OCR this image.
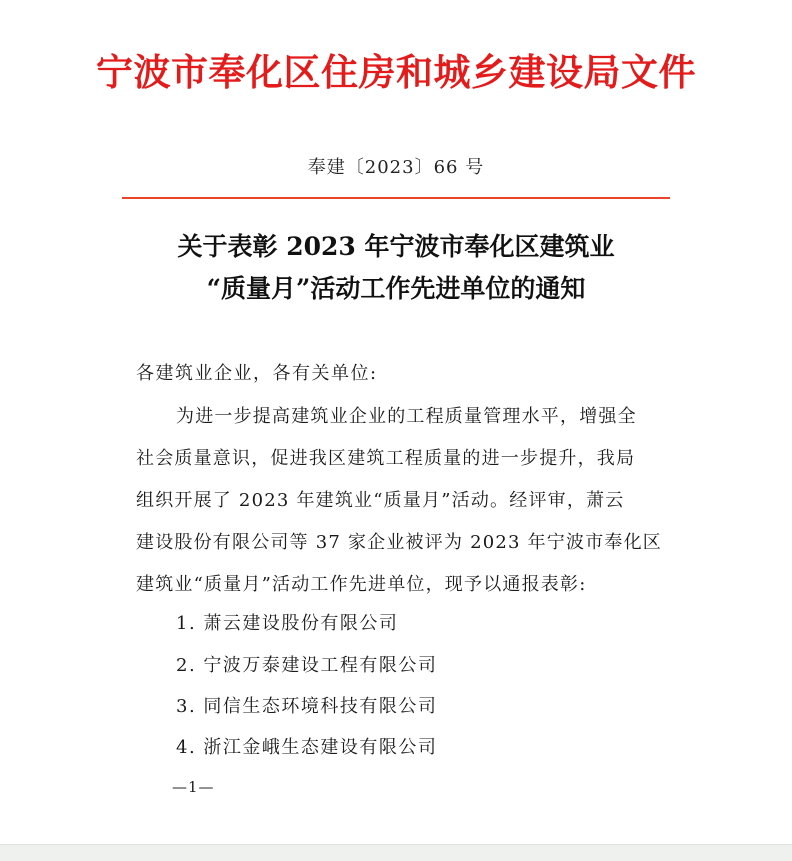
宁波市奉化区住房和城乡建设局文件
奉建〔2023〕66 号
关于表彰 2023 年宁波市奉化区建筑业
“质量月”活动工作先进单位的通知
各建筑业企业，各有关单位:
为进一步提高建筑业企业的工程质量管理水平，增强全
社会质量意识，促进我区建筑工程质量的进一步提升，我局
组织开展了 2023 年建筑业“质量月”活动。经评审，萧云
建设股份有限公司等 37 家企业被评为 2023 年宁波市奉化区
建筑业“质量月”活动工作先进单位，现予以通报表彰:
1. 萧云建设股份有限公司
2. 宁波万泰建设工程有限公司
3. 同信生态环境科技有限公司
4. 浙江金峨生态建设有限公司
—1—
